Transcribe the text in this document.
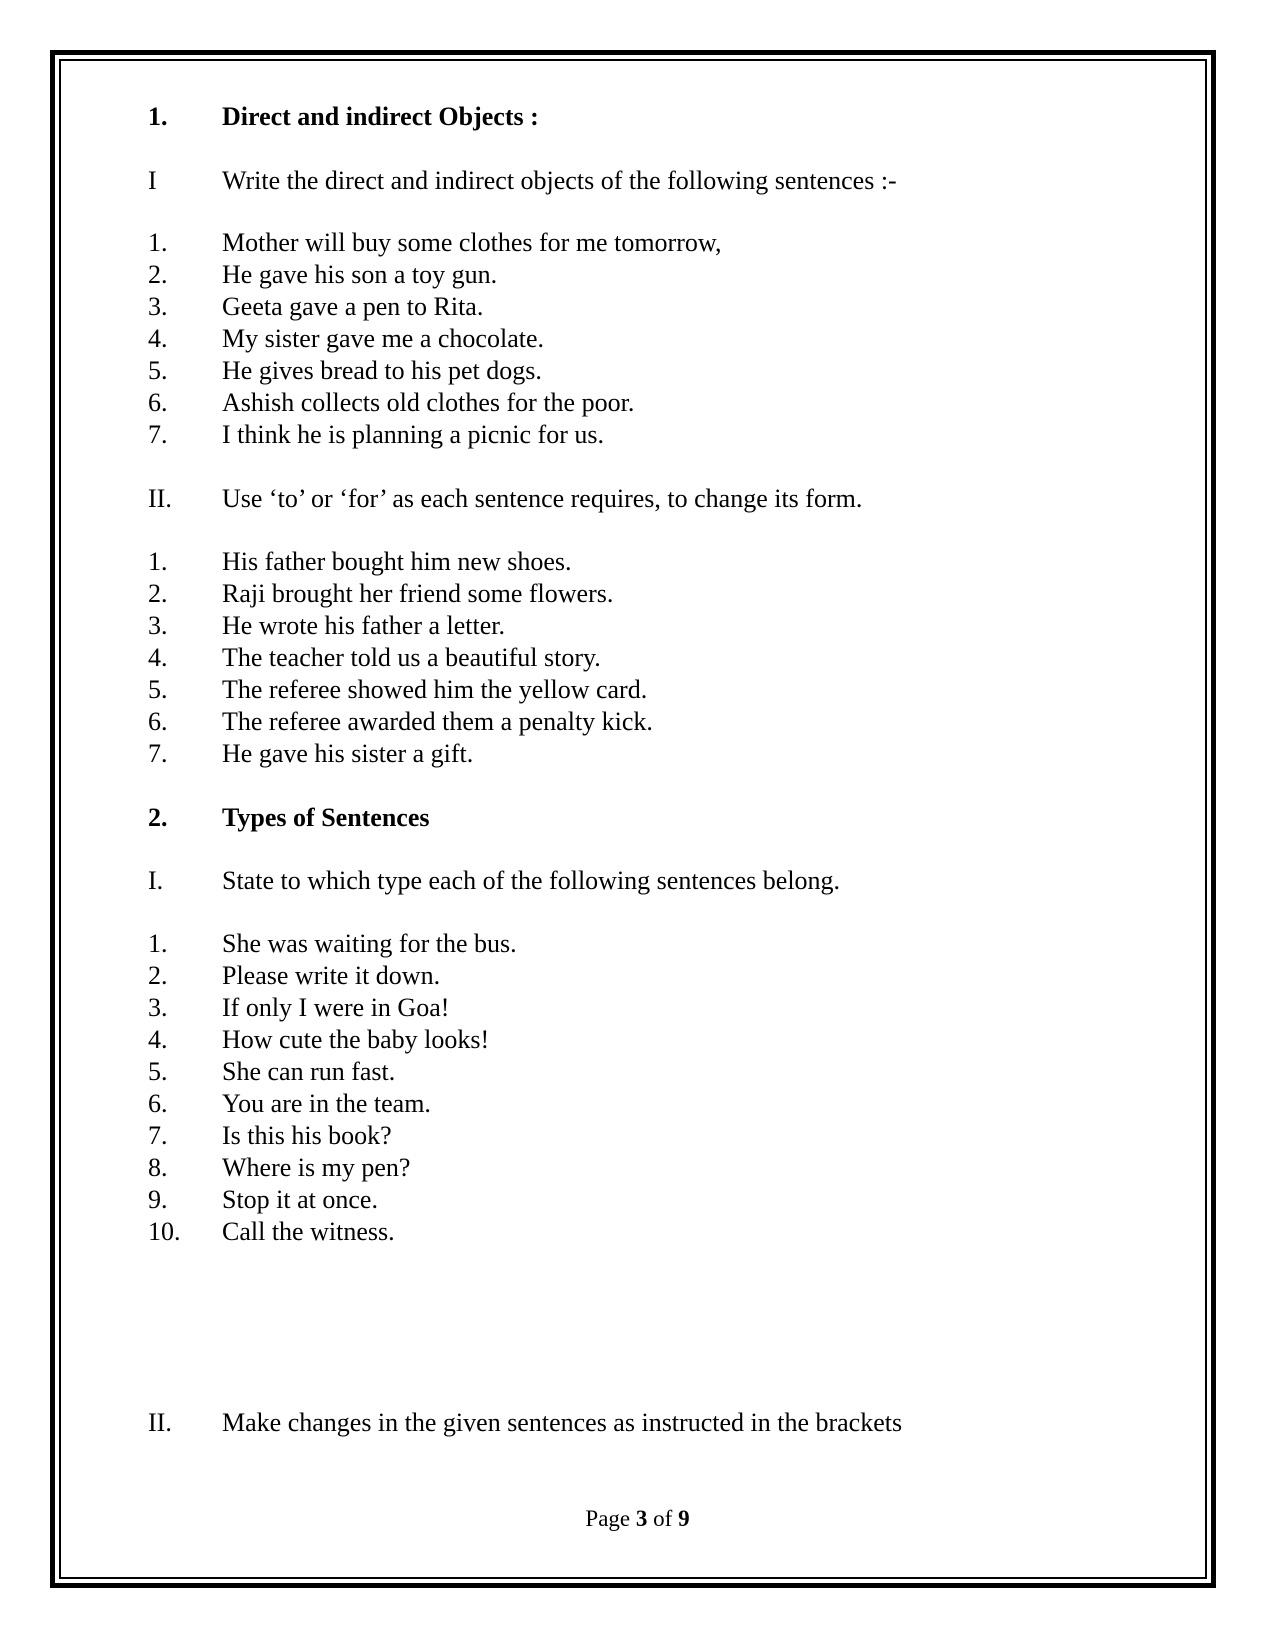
1.	Direct and indirect Objects :
I	Write the direct and indirect objects of the following sentences :-
1.	Mother will buy some clothes for me tomorrow,
2.	He gave his son a toy gun.
3.	Geeta gave a pen to Rita.
4.	My sister gave me a chocolate.
5.	He gives bread to his pet dogs.
6.	Ashish collects old clothes for the poor.
7.	I think he is planning a picnic for us.
II.	Use ‘to’ or ‘for’ as each sentence requires, to change its form.
1.	His father bought him new shoes.
2.	Raji brought her friend some flowers.
3.	He wrote his father a letter.
4.	The teacher told us a beautiful story.
5.	The referee showed him the yellow card.
6.	The referee awarded them a penalty kick.
7.	He gave his sister a gift.
2.	Types of Sentences
I.	State to which type each of the following sentences belong.
1.	She was waiting for the bus.
2.	Please write it down.
3.	If only I were in Goa!
4.	How cute the baby looks!
5.	She can run fast.
6.	You are in the team.
7.	Is this his book?
8.	Where is my pen?
9.	Stop it at once.
10.	Call the witness.
II.	Make changes in the given sentences as instructed in the brackets
Page 3 of 9
